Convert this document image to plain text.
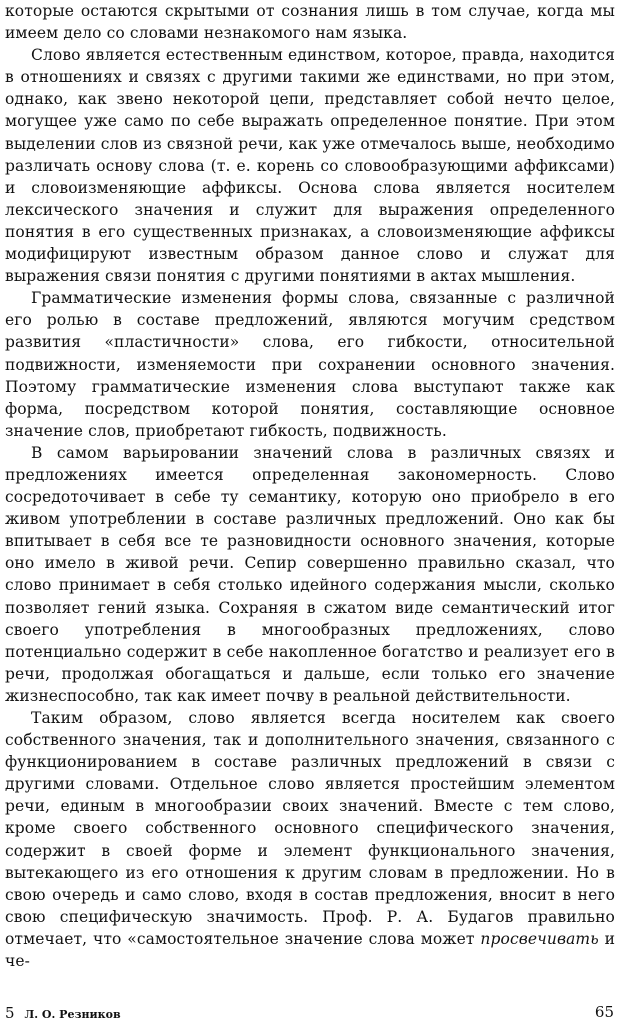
которые остаются скрытыми от сознания лишь в том случае, когда мы имеем дело со словами незнакомого нам языка.

Слово является естественным единством, которое, правда, находится в отношениях и связях с другими такими же единствами, но при этом, однако, как звено некоторой цепи, представляет собой нечто целое, могущее уже само по себе выражать определенное понятие. При этом выделении слов из связной речи, как уже отмечалось выше, необходимо различать основу слова (т. е. корень со словообразующими аффиксами) и словоизменяющие аффиксы. Основа слова является носителем лексического значения и служит для выражения определенного понятия в его существенных признаках, а словоизменяющие аффиксы модифицируют известным образом данное слово и служат для выражения связи понятия с другими понятиями в актах мышления.

Грамматические изменения формы слова, связанные с различной его ролью в составе предложений, являются могучим средством развития «пластичности» слова, его гибкости, относительной подвижности, изменяемости при сохранении основного значения. Поэтому грамматические изменения слова выступают также как форма, посредством которой понятия, составляющие основное значение слов, приобретают гибкость, подвижность.

В самом варьировании значений слова в различных связях и предложениях имеется определенная закономерность. Слово сосредоточивает в себе ту семантику, которую оно приобрело в его живом употреблении в составе различных предложений. Оно как бы впитывает в себя все те разновидности основного значения, которые оно имело в живой речи. Сепир совершенно правильно сказал, что слово принимает в себя столько идейного содержания мысли, сколько позволяет гений языка. Сохраняя в сжатом виде семантический итог своего употребления в многообразных предложениях, слово потенциально содержит в себе накопленное богатство и реализует его в речи, продолжая обогащаться и дальше, если только его значение жизнеспособно, так как имеет почву в реальной действительности.

Таким образом, слово является всегда носителем как своего собственного значения, так и дополнительного значения, связанного с функционированием в составе различных предложений в связи с другими словами. Отдельное слово является простейшим элементом речи, единым в многообразии своих значений. Вместе с тем слово, кроме своего собственного основного специфического значения, содержит в своей форме и элемент функционального значения, вытекающего из его отношения к другим словам в предложении. Но в свою очередь и само слово, входя в состав предложения, вносит в него свою специфическую значимость. Проф. Р. А. Будагов правильно отмечает, что «самостоятельное значение слова может просвечивать и че-

5 Л. О. Резников	65
